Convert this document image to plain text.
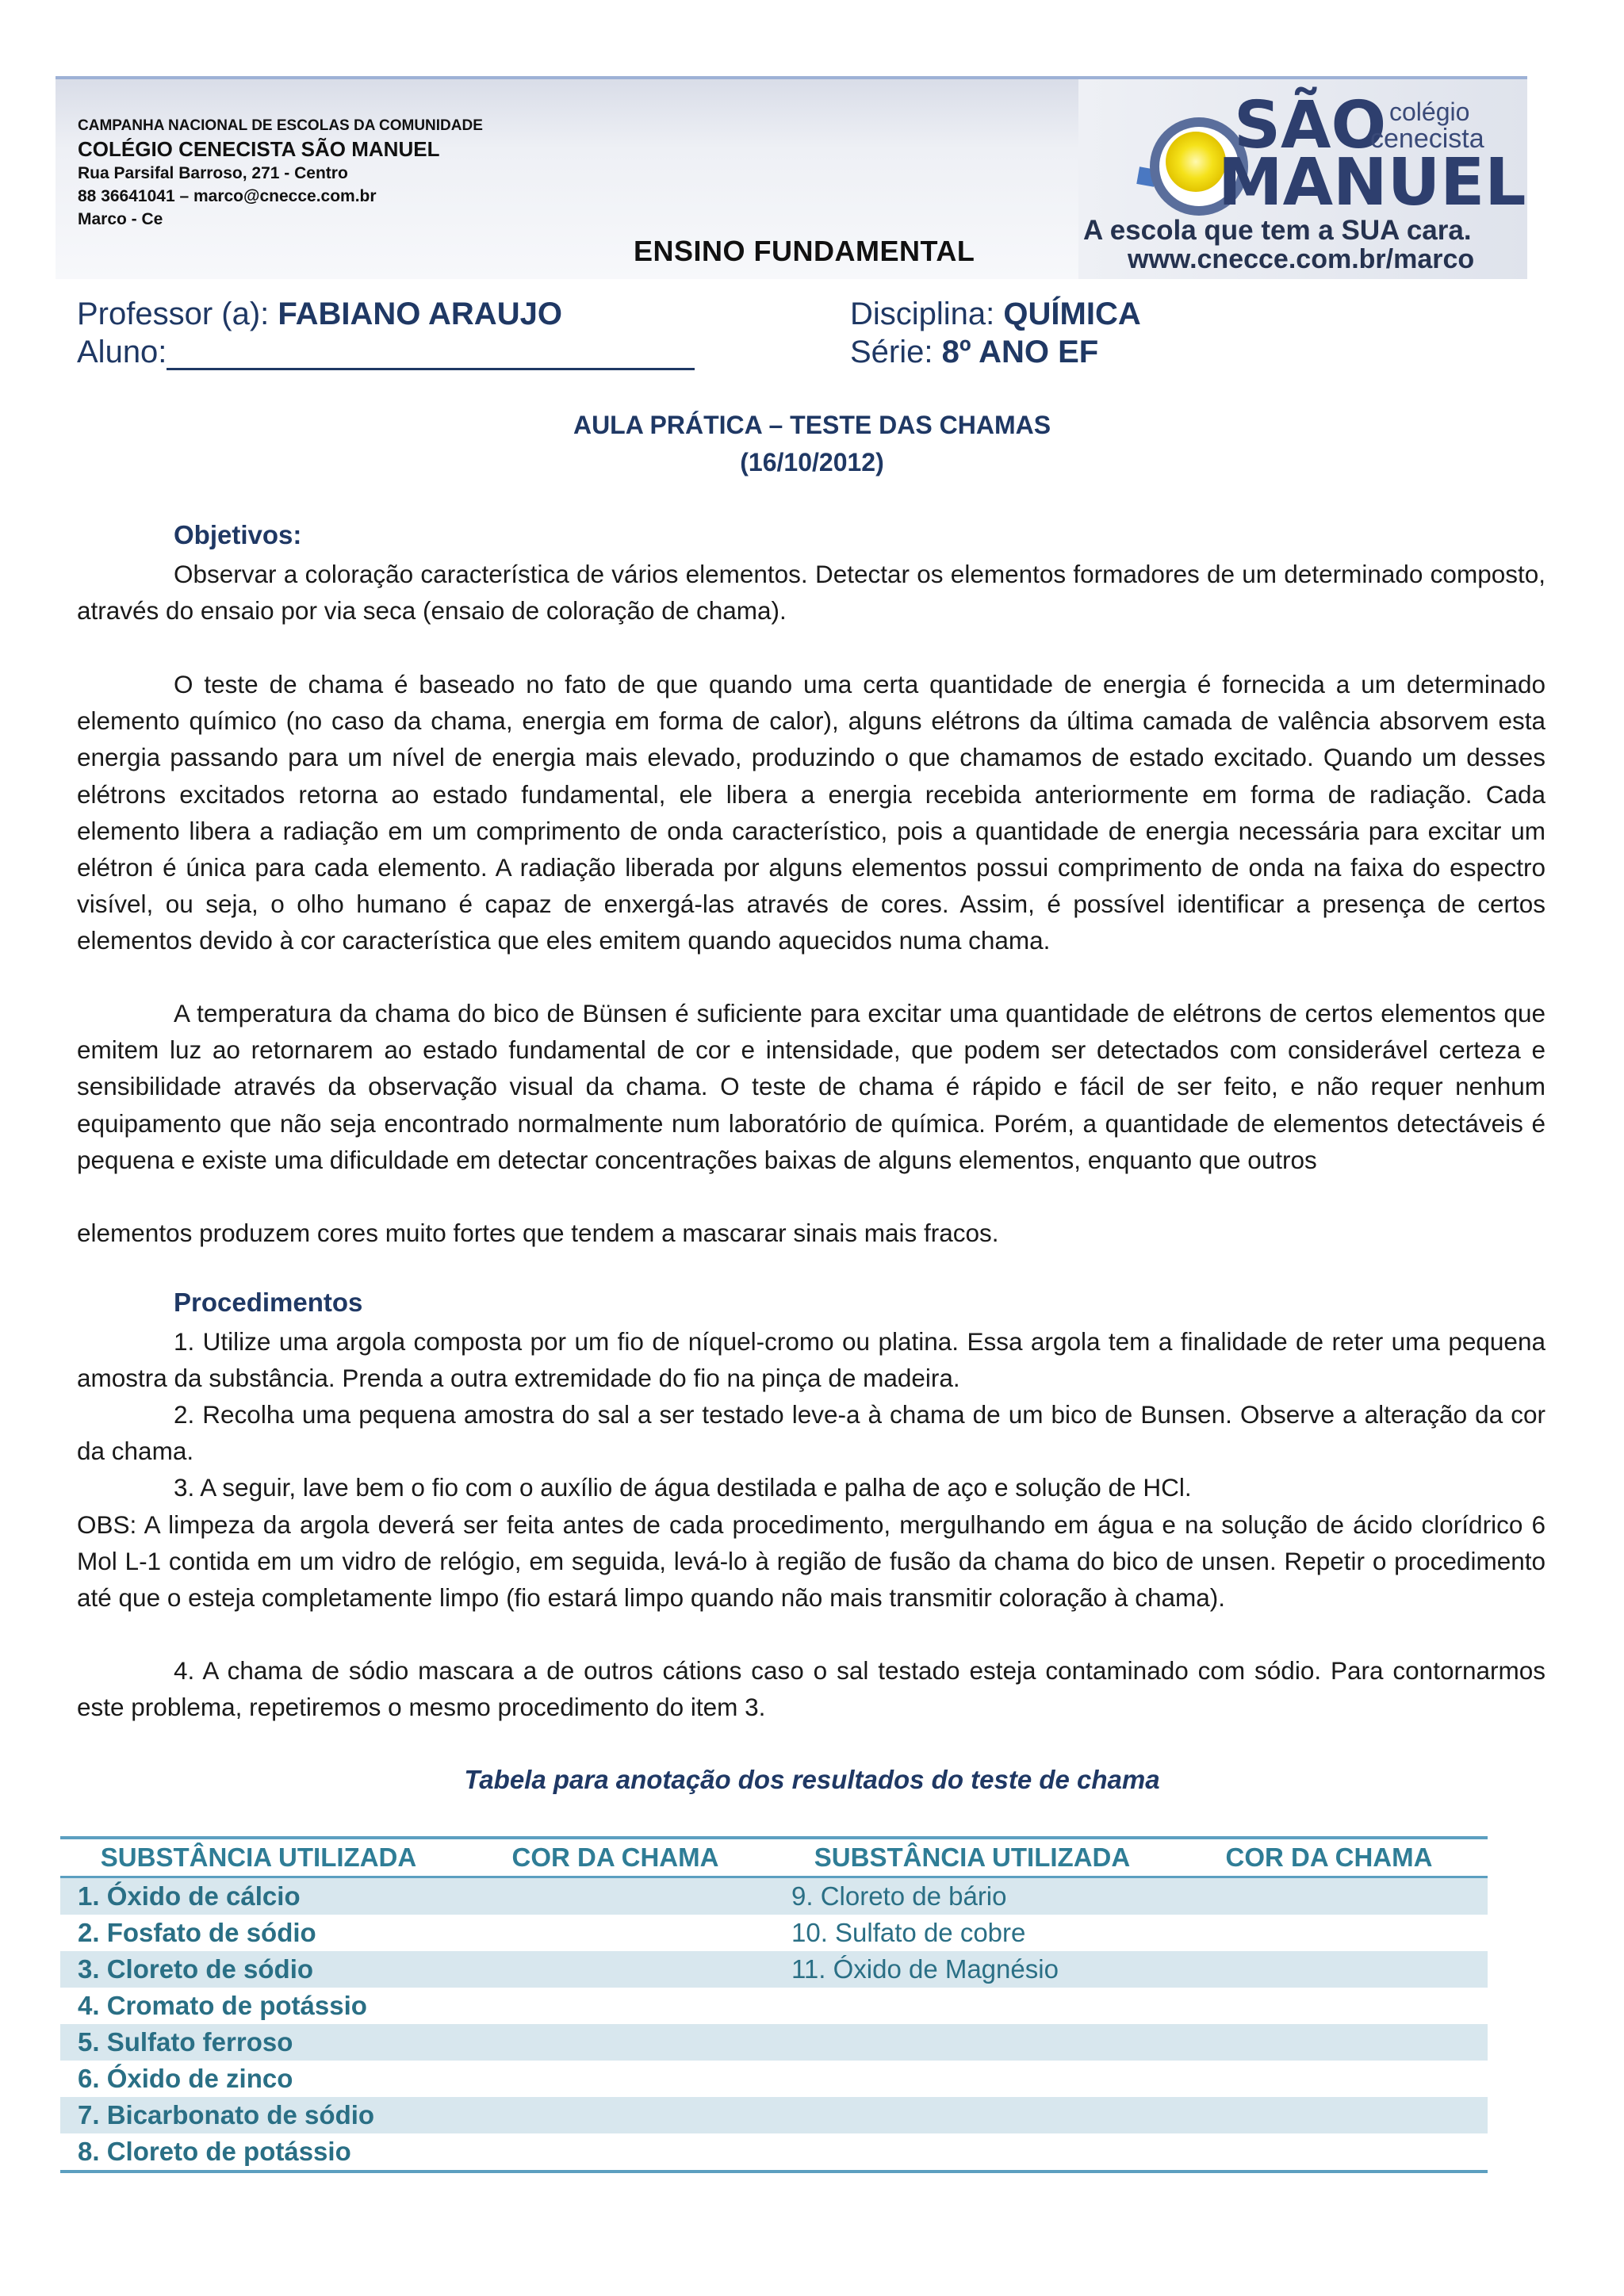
CAMPANHA NACIONAL DE ESCOLAS DA COMUNIDADE
COLÉGIO CENECISTA SÃO MANUEL
Rua Parsifal Barroso, 271 - Centro
88 36641041 – marco@cnecce.com.br
Marco - Ce
ENSINO FUNDAMENTAL
SÃO
MANUEL
colégio
cenecista
A escola que tem a SUA cara.
www.cnecce.com.br/marco
Professor (a): FABIANO ARAUJO
Aluno:
Disciplina: QUÍMICA
Série: 8º ANO EF
AULA PRÁTICA – TESTE DAS CHAMAS
(16/10/2012)
Objetivos:

Observar a coloração característica de vários elementos. Detectar os elementos formadores de um determinado composto, através do ensaio por via seca (ensaio de coloração de chama).

O teste de chama é baseado no fato de que quando uma certa quantidade de energia é fornecida a um determinado elemento químico (no caso da chama, energia em forma de calor), alguns elétrons da última camada de valência absorvem esta energia passando para um nível de energia mais elevado, produzindo o que chamamos de estado excitado. Quando um desses elétrons excitados retorna ao estado fundamental, ele libera a energia recebida anteriormente em forma de radiação. Cada elemento libera a radiação em um comprimento de onda característico, pois a quantidade de energia necessária para excitar um elétron é única para cada elemento. A radiação liberada por alguns elementos possui comprimento de onda na faixa do espectro visível, ou seja, o olho humano é capaz de enxergá-las através de cores. Assim, é possível identificar a presença de certos elementos devido à cor característica que eles emitem quando aquecidos numa chama.

A temperatura da chama do bico de Bünsen é suficiente para excitar uma quantidade de elétrons de certos elementos que emitem luz ao retornarem ao estado fundamental de cor e intensidade, que podem ser detectados com considerável certeza e sensibilidade através da observação visual da chama. O teste de chama é rápido e fácil de ser feito, e não requer nenhum equipamento que não seja encontrado normalmente num laboratório de química. Porém, a quantidade de elementos detectáveis é pequena e existe uma dificuldade em detectar concentrações baixas de alguns elementos, enquanto que outros

elementos produzem cores muito fortes que tendem a mascarar sinais mais fracos.

Procedimentos

1. Utilize uma argola composta por um fio de níquel-cromo ou platina. Essa argola tem a finalidade de reter uma pequena amostra da substância. Prenda a outra extremidade do fio na pinça de madeira.

2. Recolha uma pequena amostra do sal a ser testado leve-a à chama de um bico de Bunsen. Observe a alteração da cor da chama.

3. A seguir, lave bem o fio com o auxílio de água destilada e palha de aço e solução de HCl.

OBS: A limpeza da argola deverá ser feita antes de cada procedimento, mergulhando em água e na solução de ácido clorídrico 6 Mol L-1 contida em um vidro de relógio, em seguida, levá-lo à região de fusão da chama do bico de unsen. Repetir o procedimento até que o esteja completamente limpo (fio estará limpo quando não mais transmitir coloração à chama).

4. A chama de sódio mascara a de outros cátions caso o sal testado esteja contaminado com sódio. Para contornarmos este problema, repetiremos o mesmo procedimento do item 3.

Tabela para anotação dos resultados do teste de chama
SUBSTÂNCIA UTILIZADA	COR DA CHAMA	SUBSTÂNCIA UTILIZADA	COR DA CHAMA
1. Óxido de cálcio		9. Cloreto de bário	
2. Fosfato de sódio		10. Sulfato de cobre	
3. Cloreto de sódio		11. Óxido de Magnésio	
4. Cromato de potássio			
5. Sulfato ferroso			
6. Óxido de zinco			
7. Bicarbonato de sódio			
8. Cloreto de potássio			
